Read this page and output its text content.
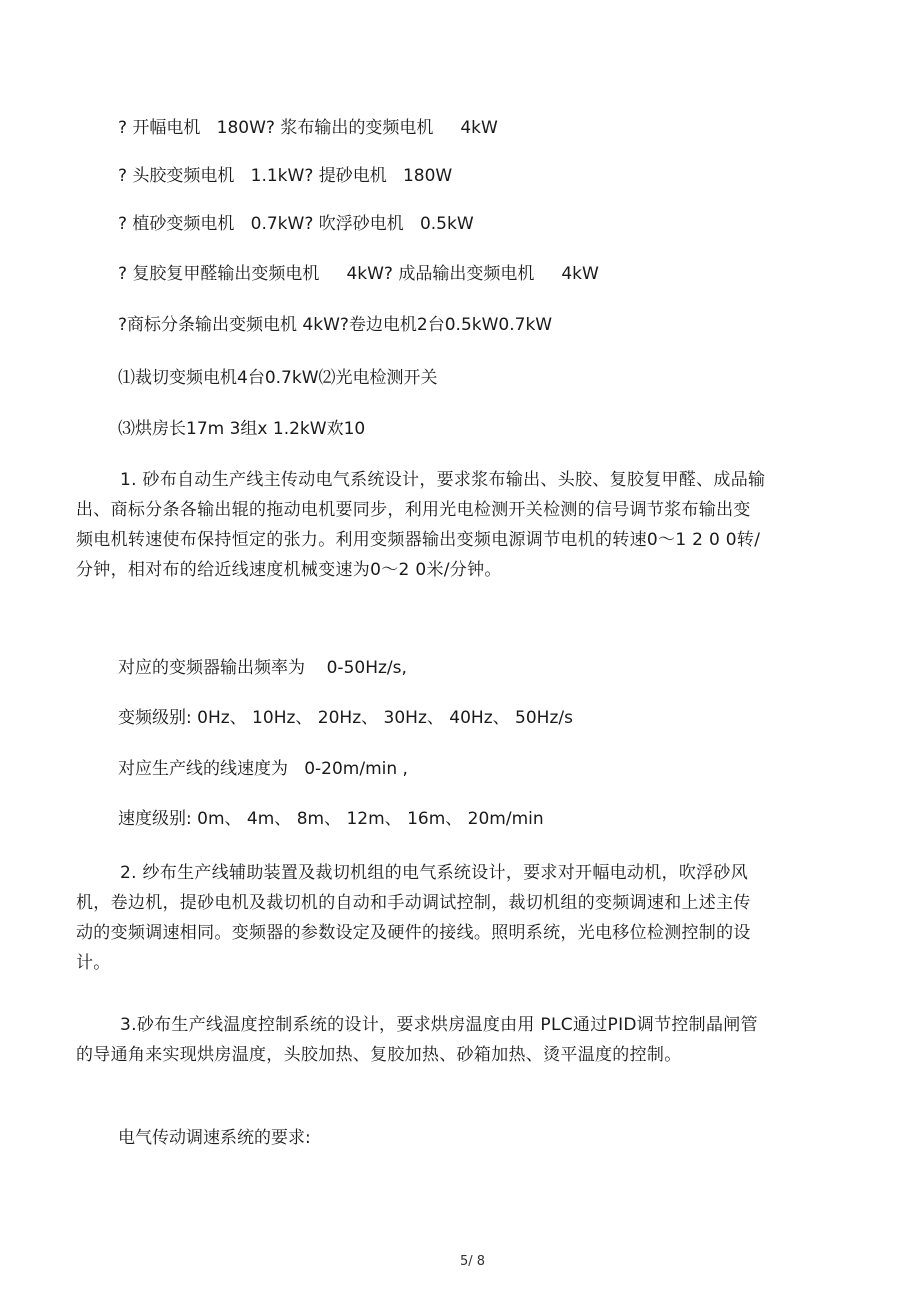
? 开幅电机   180W? 浆布输出的变频电机     4kW
? 头胶变频电机   1.1kW? 提砂电机   180W
? 植砂变频电机   0.7kW? 吹浮砂电机   0.5kW
? 复胶复甲醛输出变频电机     4kW? 成品输出变频电机     4kW
?商标分条输出变频电机 4kW?卷边电机2台0.5kW0.7kW
⑴裁切变频电机4台0.7kW⑵光电检测开关
⑶烘房长17m 3组x 1.2kW欢10

1. 砂布自动生产线主传动电气系统设计，要求浆布输出、头胶、复胶复甲醛、成品输出、商标分条各输出辊的拖动电机要同步，利用光电检测开关检测的信号调节浆布输出变频电机转速使布保持恒定的张力。利用变频器输出变频电源调节电机的转速0～1 2 0 0转/分钟，相对布的给近线速度机械变速为0～2 0米/分钟。

对应的变频器输出频率为    0-50Hz/s,
变频级别: 0Hz、 10Hz、 20Hz、 30Hz、 40Hz、 50Hz/s
对应生产线的线速度为   0-20m/min ,
速度级别: 0m、 4m、 8m、 12m、 16m、 20m/min

2. 纱布生产线辅助装置及裁切机组的电气系统设计，要求对开幅电动机，吹浮砂风机，卷边机，提砂电机及裁切机的自动和手动调试控制，裁切机组的变频调速和上述主传动的变频调速相同。变频器的参数设定及硬件的接线。照明系统，光电移位检测控制的设计。

3.砂布生产线温度控制系统的设计，要求烘房温度由用 PLC通过PID调节控制晶闸管的导通角来实现烘房温度，头胶加热、复胶加热、砂箱加热、烫平温度的控制。

电气传动调速系统的要求:
5/ 8
